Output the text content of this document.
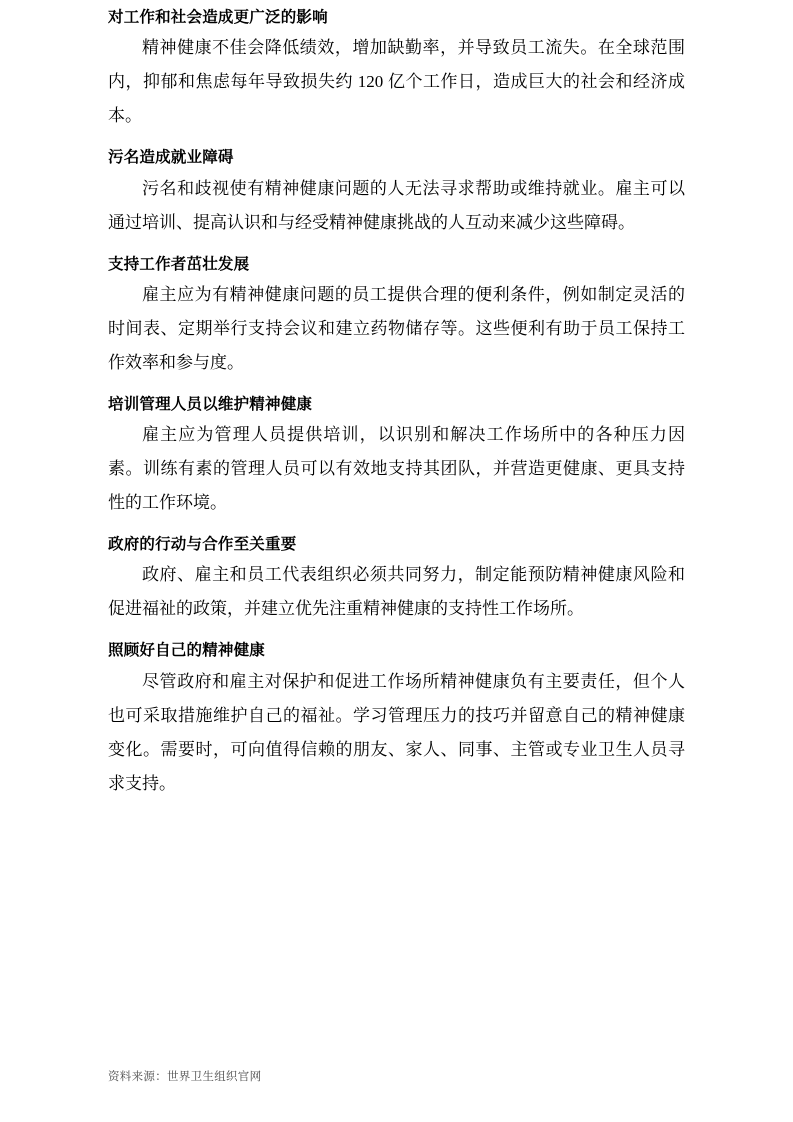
对工作和社会造成更广泛的影响

精神健康不佳会降低绩效，增加缺勤率，并导致员工流失。在全球范围内，抑郁和焦虑每年导致损失约 120 亿个工作日，造成巨大的社会和经济成本。

污名造成就业障碍

污名和歧视使有精神健康问题的人无法寻求帮助或维持就业。雇主可以通过培训、提高认识和与经受精神健康挑战的人互动来减少这些障碍。

支持工作者茁壮发展

雇主应为有精神健康问题的员工提供合理的便利条件，例如制定灵活的时间表、定期举行支持会议和建立药物储存等。这些便利有助于员工保持工作效率和参与度。

培训管理人员以维护精神健康

雇主应为管理人员提供培训，以识别和解决工作场所中的各种压力因素。训练有素的管理人员可以有效地支持其团队，并营造更健康、更具支持性的工作环境。

政府的行动与合作至关重要

政府、雇主和员工代表组织必须共同努力，制定能预防精神健康风险和促进福祉的政策，并建立优先注重精神健康的支持性工作场所。

照顾好自己的精神健康

尽管政府和雇主对保护和促进工作场所精神健康负有主要责任，但个人也可采取措施维护自己的福祉。学习管理压力的技巧并留意自己的精神健康变化。需要时，可向值得信赖的朋友、家人、同事、主管或专业卫生人员寻求支持。

资料来源：世界卫生组织官网
